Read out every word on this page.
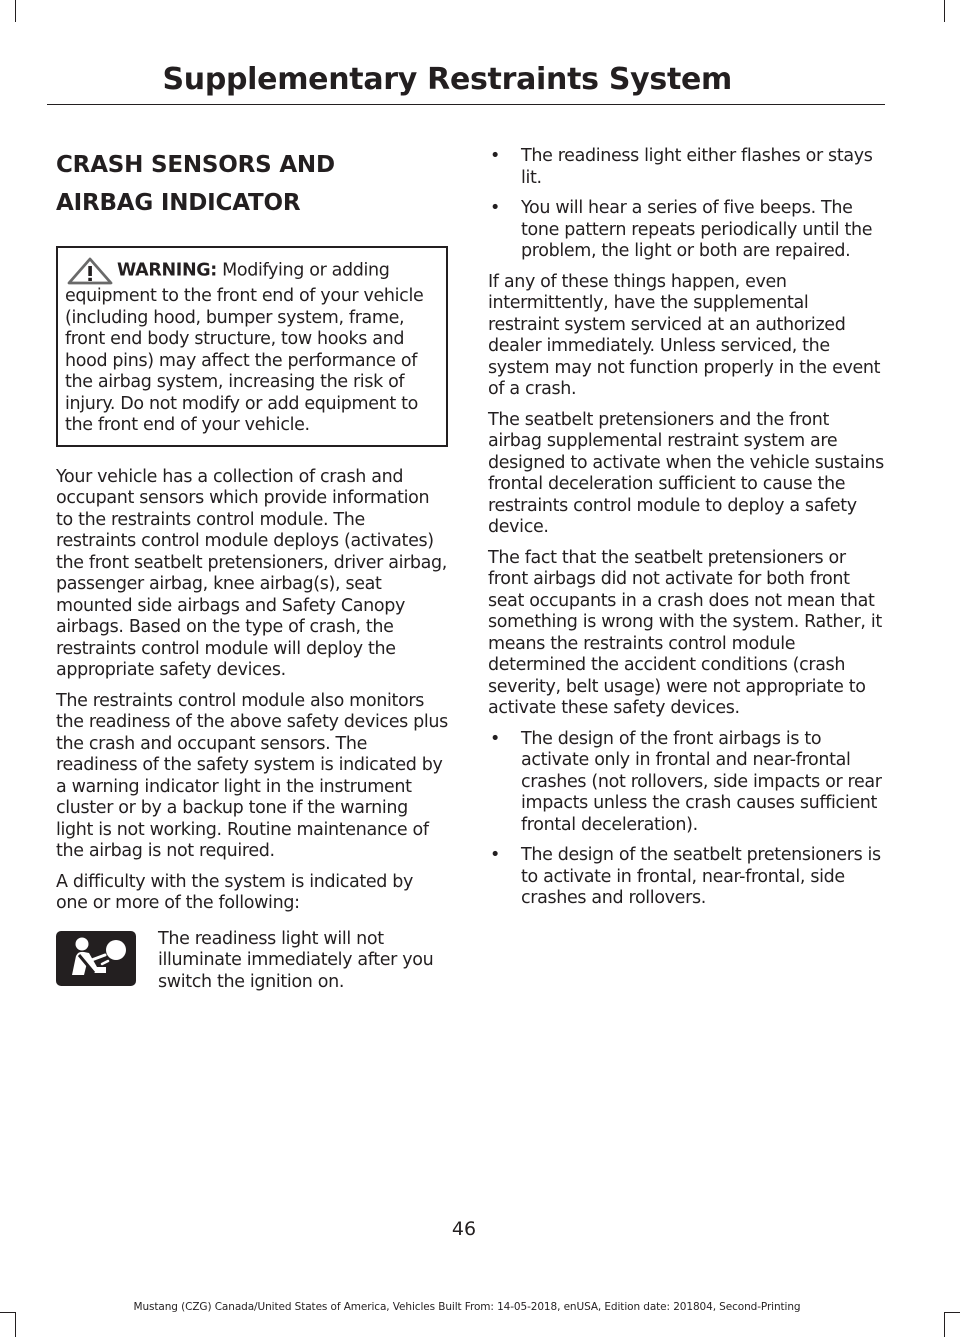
Supplementary Restraints System
CRASH SENSORS AND
AIRBAG INDICATOR

WARNING: Modifying or adding equipment to the front end of your vehicle (including hood, bumper system, frame, front end body structure, tow hooks and hood pins) may affect the performance of the airbag system, increasing the risk of injury. Do not modify or add equipment to the front end of your vehicle.

Your vehicle has a collection of crash and occupant sensors which provide information to the restraints control module. The restraints control module deploys (activates) the front seatbelt pretensioners, driver airbag, passenger airbag, knee airbag(s), seat mounted side airbags and Safety Canopy airbags. Based on the type of crash, the restraints control module will deploy the appropriate safety devices.

The restraints control module also monitors the readiness of the above safety devices plus the crash and occupant sensors. The readiness of the safety system is indicated by a warning indicator light in the instrument cluster or by a backup tone if the warning light is not working. Routine maintenance of the airbag is not required.

A difficulty with the system is indicated by one or more of the following:

The readiness light will not illuminate immediately after you switch the ignition on.

•	The readiness light either flashes or stays lit.
•	You will hear a series of five beeps. The tone pattern repeats periodically until the problem, the light or both are repaired.

If any of these things happen, even intermittently, have the supplemental restraint system serviced at an authorized dealer immediately. Unless serviced, the system may not function properly in the event of a crash.

The seatbelt pretensioners and the front airbag supplemental restraint system are designed to activate when the vehicle sustains frontal deceleration sufficient to cause the restraints control module to deploy a safety device.

The fact that the seatbelt pretensioners or front airbags did not activate for both front seat occupants in a crash does not mean that something is wrong with the system. Rather, it means the restraints control module determined the accident conditions (crash severity, belt usage) were not appropriate to activate these safety devices.

•	The design of the front airbags is to activate only in frontal and near-frontal crashes (not rollovers, side impacts or rear impacts unless the crash causes sufficient frontal deceleration).
•	The design of the seatbelt pretensioners is to activate in frontal, near-frontal, side crashes and rollovers.
46
Mustang (CZG) Canada/United States of America, Vehicles Built From: 14-05-2018, enUSA, Edition date: 201804, Second-Printing
